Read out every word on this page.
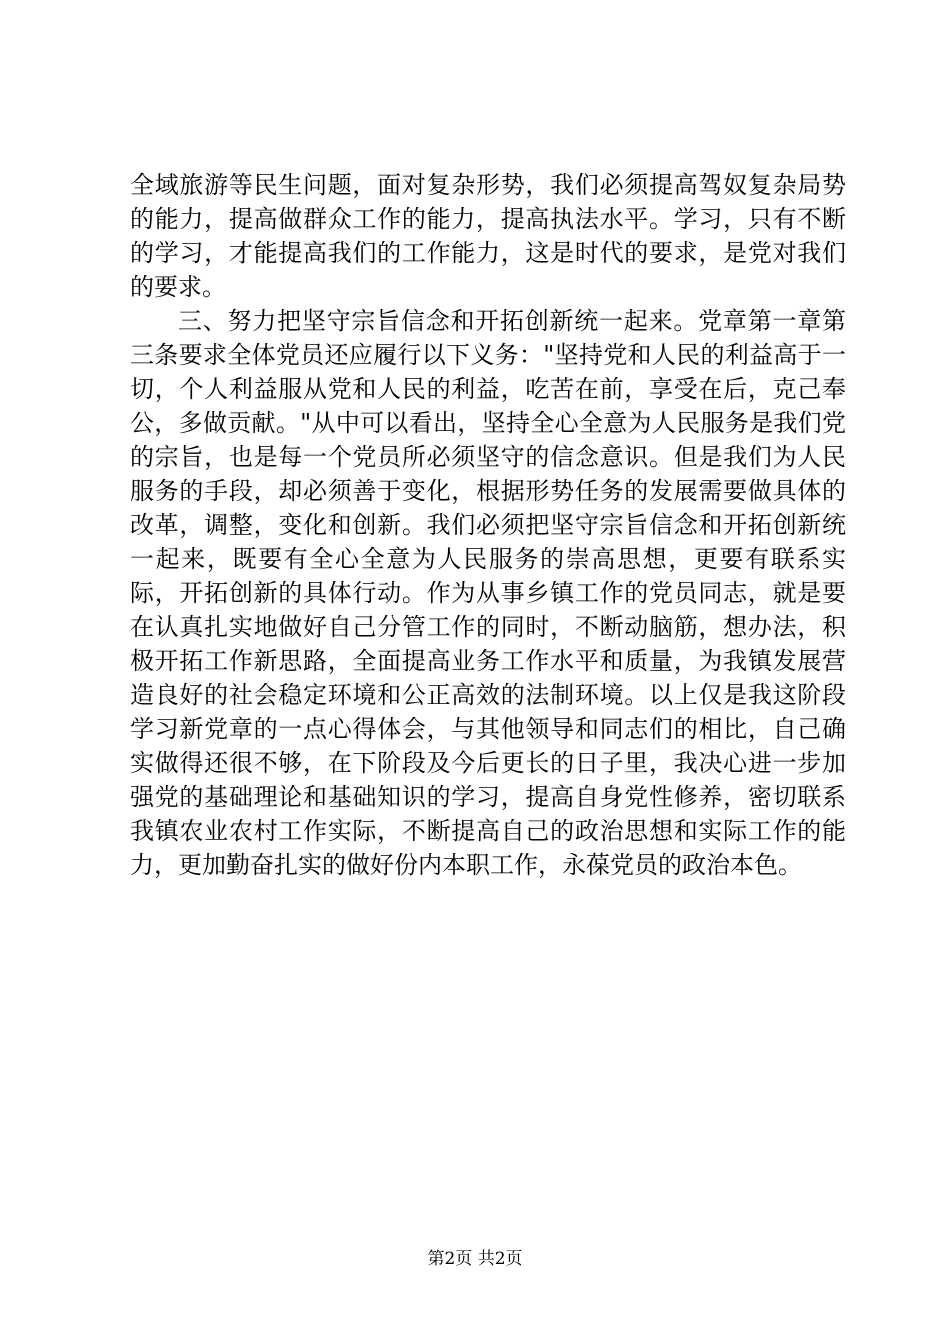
全域旅游等民生问题，面对复杂形势，我们必须提高驾奴复杂局势的能力，提高做群众工作的能力，提高执法水平。学习，只有不断的学习，才能提高我们的工作能力，这是时代的要求，是党对我们的要求。

三、努力把坚守宗旨信念和开拓创新统一起来。党章第一章第三条要求全体党员还应履行以下义务："坚持党和人民的利益高于一切，个人利益服从党和人民的利益，吃苦在前，享受在后，克己奉公，多做贡献。"从中可以看出，坚持全心全意为人民服务是我们党的宗旨，也是每一个党员所必须坚守的信念意识。但是我们为人民服务的手段，却必须善于变化，根据形势任务的发展需要做具体的改革，调整，变化和创新。我们必须把坚守宗旨信念和开拓创新统一起来，既要有全心全意为人民服务的崇高思想，更要有联系实际，开拓创新的具体行动。作为从事乡镇工作的党员同志，就是要在认真扎实地做好自己分管工作的同时，不断动脑筋，想办法，积极开拓工作新思路，全面提高业务工作水平和质量，为我镇发展营造良好的社会稳定环境和公正高效的法制环境。以上仅是我这阶段学习新党章的一点心得体会，与其他领导和同志们的相比，自己确实做得还很不够，在下阶段及今后更长的日子里，我决心进一步加强党的基础理论和基础知识的学习，提高自身党性修养，密切联系我镇农业农村工作实际，不断提高自己的政治思想和实际工作的能力，更加勤奋扎实的做好份内本职工作，永葆党员的政治本色。

第2页 共2页
